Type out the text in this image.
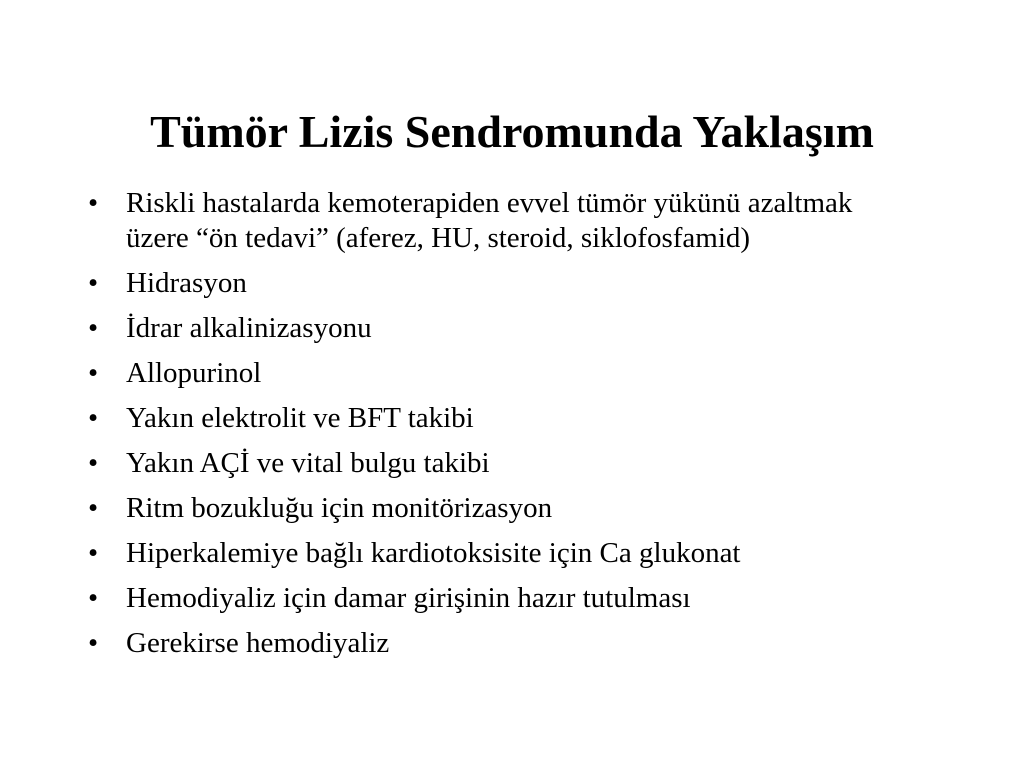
Tümör Lizis Sendromunda Yaklaşım
• Riskli hastalarda kemoterapiden evvel tümör yükünü azaltmak üzere “ön tedavi” (aferez, HU, steroid, siklofosfamid)
• Hidrasyon
• İdrar alkalinizasyonu
• Allopurinol
• Yakın elektrolit ve BFT takibi
• Yakın AÇİ ve vital bulgu takibi
• Ritm bozukluğu için monitörizasyon
• Hiperkalemiye bağlı kardiotoksisite için Ca glukonat
• Hemodiyaliz için damar girişinin hazır tutulması
• Gerekirse hemodiyaliz
